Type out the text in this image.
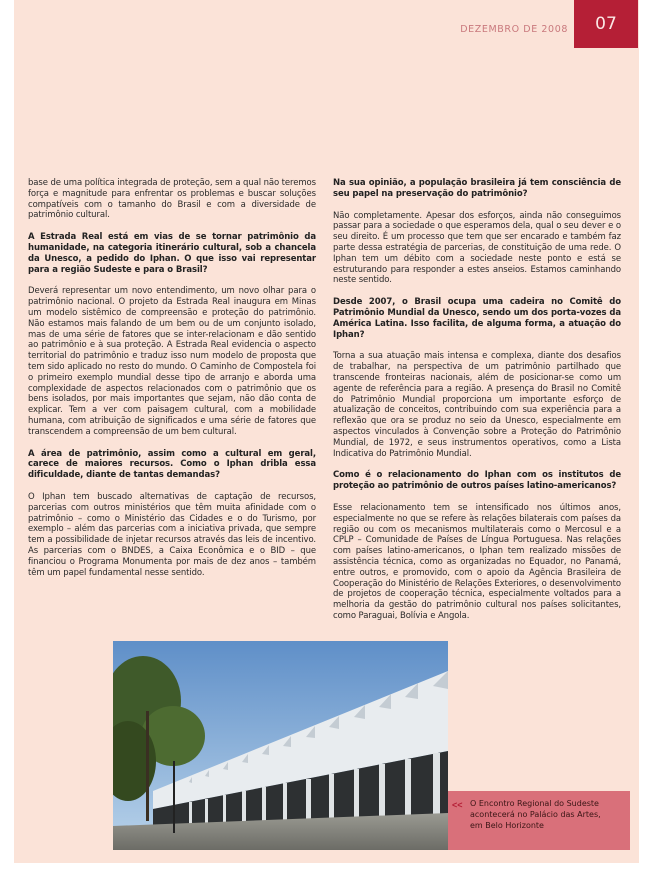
DEZEMBRO DE 2008	07

base de uma política integrada de proteção, sem a qual não teremos força e magnitude para enfrentar os problemas e buscar soluções compatíveis com o tamanho do Brasil e com a diversidade de patrimônio cultural.

A Estrada Real está em vias de se tornar patrimônio da humanidade, na categoria itinerário cultural, sob a chancela da Unesco, a pedido do Iphan. O que isso vai representar para a região Sudeste e para o Brasil?

Deverá representar um novo entendimento, um novo olhar para o patrimônio nacional. O projeto da Estrada Real inaugura em Minas um modelo sistêmico de compreensão e proteção do patrimônio. Não estamos mais falando de um bem ou de um conjunto isolado, mas de uma série de fatores que se inter-relacionam e dão sentido ao patrimônio e à sua proteção. A Estrada Real evidencia o aspecto territorial do patrimônio e traduz isso num modelo de proposta que tem sido aplicado no resto do mundo. O Caminho de Compostela foi o primeiro exemplo mundial desse tipo de arranjo e aborda uma complexidade de aspectos relacionados com o patrimônio que os bens isolados, por mais importantes que sejam, não dão conta de explicar. Tem a ver com paisagem cultural, com a mobilidade humana, com atribuição de significados e uma série de fatores que transcendem a compreensão de um bem cultural.

A área de patrimônio, assim como a cultural em geral, carece de maiores recursos. Como o Iphan dribla essa dificuldade, diante de tantas demandas?

O Iphan tem buscado alternativas de captação de recursos, parcerias com outros ministérios que têm muita afinidade com o patrimônio – como o Ministério das Cidades e o do Turismo, por exemplo – além das parcerias com a iniciativa privada, que sempre tem a possibilidade de injetar recursos através das leis de incentivo. As parcerias com o BNDES, a Caixa Econômica e o BID – que financiou o Programa Monumenta por mais de dez anos – também têm um papel fundamental nesse sentido.

Na sua opinião, a população brasileira já tem consciência de seu papel na preservação do patrimônio?

Não completamente. Apesar dos esforços, ainda não conseguimos passar para a sociedade o que esperamos dela, qual o seu dever e o seu direito. É um processo que tem que ser encarado e também faz parte dessa estratégia de parcerias, de constituição de uma rede. O Iphan tem um débito com a sociedade neste ponto e está se estruturando para responder a estes anseios. Estamos caminhando neste sentido.

Desde 2007, o Brasil ocupa uma cadeira no Comitê do Patrimônio Mundial da Unesco, sendo um dos porta-vozes da América Latina. Isso facilita, de alguma forma, a atuação do Iphan?

Torna a sua atuação mais intensa e complexa, diante dos desafios de trabalhar, na perspectiva de um patrimônio partilhado que transcende fronteiras nacionais, além de posicionar-se como um agente de referência para a região. A presença do Brasil no Comitê do Patrimônio Mundial proporciona um importante esforço de atualização de conceitos, contribuindo com sua experiência para a reflexão que ora se produz no seio da Unesco, especialmente em aspectos vinculados à Convenção sobre a Proteção do Patrimônio Mundial, de 1972, e seus instrumentos operativos, como a Lista Indicativa do Patrimônio Mundial.

Como é o relacionamento do Iphan com os institutos de proteção ao patrimônio de outros países latino-americanos?

Esse relacionamento tem se intensificado nos últimos anos, especialmente no que se refere às relações bilaterais com países da região ou com os mecanismos multilaterais como o Mercosul e a CPLP – Comunidade de Países de Língua Portuguesa. Nas relações com países latino-americanos, o Iphan tem realizado missões de assistência técnica, como as organizadas no Equador, no Panamá, entre outros, e promovido, com o apoio da Agência Brasileira de Cooperação do Ministério de Relações Exteriores, o desenvolvimento de projetos de cooperação técnica, especialmente voltados para a melhoria da gestão do patrimônio cultural nos países solicitantes, como Paraguai, Bolívia e Angola.

<< O Encontro Regional do Sudeste
acontecerá no Palácio das Artes,
em Belo Horizonte
